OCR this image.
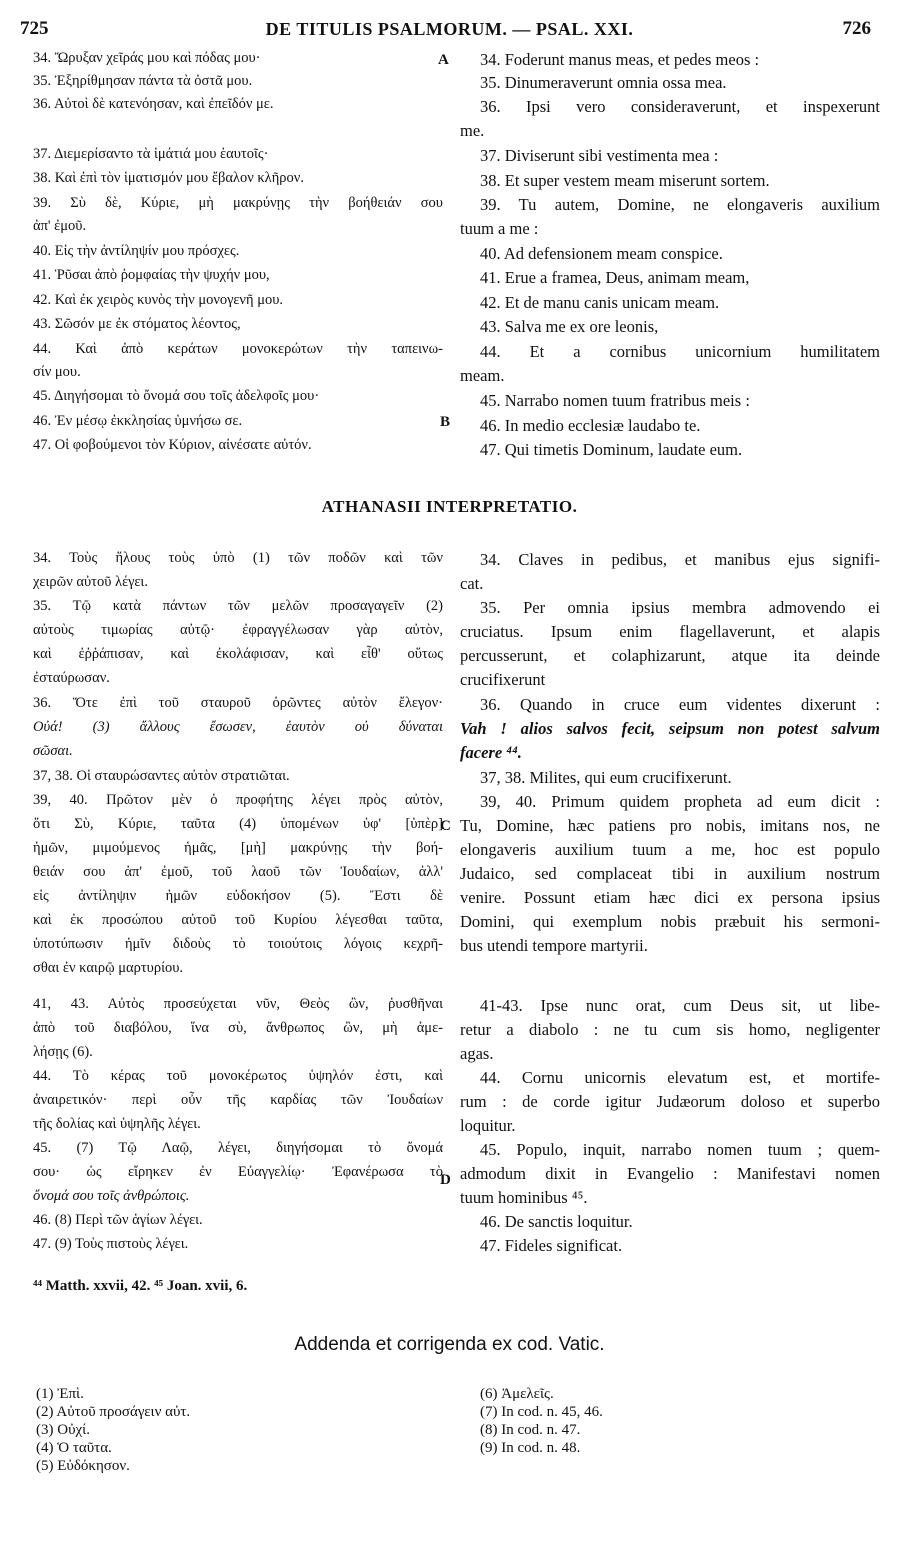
725	DE TITULIS PSALMORUM. — PSAL. XXI.	726
34. Ὤρυξαν χεῖράς μου καὶ πόδας μου·
35. Ἐξηρίθμησαν πάντα τὰ ὀστᾶ μου.
36. Αὐτοὶ δὲ κατενόησαν, καὶ ἐπεῖδόν με.
37. Διεμερίσαντο τὰ ἱμάτιά μου ἑαυτοῖς·
38. Καὶ ἐπὶ τὸν ἱματισμόν μου ἔβαλον κλῆρον.
39. Σὺ δὲ, Κύριε, μὴ μακρύνῃς τὴν βοήθειάν σου
ἀπ' ἐμοῦ.
40. Εἰς τὴν ἀντίληψίν μου πρόσχες.
41. Ῥῦσαι ἀπὸ ῥομφαίας τὴν ψυχήν μου,
42. Καὶ ἐκ χειρὸς κυνὸς τὴν μονογενῆ μου.
43. Σῶσόν με ἐκ στόματος λέοντος,
44. Καὶ ἀπὸ κεράτων μονοκερώτων τὴν ταπεινω-
σίν μου.
45. Διηγήσομαι τὸ ὄνομά σου τοῖς ἀδελφοῖς μου·
46. Ἐν μέσῳ ἐκκλησίας ὑμνήσω σε.
47. Οἱ φοβούμενοι τὸν Κύριον, αἰνέσατε αὐτόν.
A
B
C
D
34. Foderunt manus meas, et pedes meos :
35. Dinumeraverunt omnia ossa mea.
36. Ipsi vero consideraverunt, et inspexerunt
me.
37. Diviserunt sibi vestimenta mea :
38. Et super vestem meam miserunt sortem.
39. Tu autem, Domine, ne elongaveris auxilium
tuum a me :
40. Ad defensionem meam conspice.
41. Erue a framea, Deus, animam meam,
42. Et de manu canis unicam meam.
43. Salva me ex ore leonis,
44. Et a cornibus unicornium humilitatem
meam.
45. Narrabo nomen tuum fratribus meis :
46. In medio ecclesiæ laudabo te.
47. Qui timetis Dominum, laudate eum.
ATHANASII INTERPRETATIO.
34. Τοὺς ἥλους τοὺς ὑπὸ (1) τῶν ποδῶν καὶ τῶν
χειρῶν αὐτοῦ λέγει.
35. Τῷ κατὰ πάντων τῶν μελῶν προσαγαγεῖν (2)
αὐτοὺς τιμωρίας αὐτῷ· ἐφραγγέλωσαν γὰρ αὐτὸν,
καὶ ἐῤῥάπισαν, καὶ ἐκολάφισαν, καὶ εἶθ' οὕτως
ἐσταύρωσαν.
36. Ὅτε ἐπὶ τοῦ σταυροῦ ὁρῶντες αὐτὸν ἔλεγον·
Οὐά! (3) ἄλλους ἔσωσεν, ἑαυτὸν οὐ δύναται
σῶσαι.
37, 38. Οἱ σταυρώσαντες αὐτὸν στρατιῶται.
39, 40. Πρῶτον μὲν ὁ προφήτης λέγει πρὸς αὐτὸν,
ὅτι Σὺ, Κύριε, ταῦτα (4) ὑπομένων ὑφ' [ὑπὲρ]
ἡμῶν, μιμούμενος ἡμᾶς, [μὴ] μακρύνῃς τὴν βοή-
θειάν σου ἀπ' ἐμοῦ, τοῦ λαοῦ τῶν Ἰουδαίων, ἀλλ'
εἰς ἀντίληψιν ἡμῶν εὐδοκήσον (5). Ἔστι δὲ
καὶ ἐκ προσώπου αὐτοῦ τοῦ Κυρίου λέγεσθαι ταῦτα,
ὑποτύπωσιν ἡμῖν διδοὺς τὸ τοιούτοις λόγοις κεχρῆ-
σθαι ἐν καιρῷ μαρτυρίου.
41, 43. Αὐτὸς προσεύχεται νῦν, Θεὸς ὢν, ῥυσθῆναι
ἀπὸ τοῦ διαβόλου, ἵνα σὺ, ἄνθρωπος ὢν, μὴ ἀμε-
λήσῃς (6).
44. Τὸ κέρας τοῦ μονοκέρωτος ὑψηλόν ἐστι, καὶ
ἀναιρετικόν· περὶ οὖν τῆς καρδίας τῶν Ἰουδαίων
τῆς δολίας καὶ ὑψηλῆς λέγει.
45. (7) Τῷ Λαῷ, λέγει, διηγήσομαι τὸ ὄνομά
σου· ὡς εἴρηκεν ἐν Εὐαγγελίῳ· Ἐφανέρωσα τὸ
ὄνομά σου τοῖς ἀνθρώποις.
46. (8) Περὶ τῶν ἁγίων λέγει.
47. (9) Τοὺς πιστοὺς λέγει.
34. Claves in pedibus, et manibus ejus signifi-
cat.
35. Per omnia ipsius membra admovendo ei
cruciatus. Ipsum enim flagellaverunt, et alapis
percusserunt, et colaphizarunt, atque ita deinde
crucifixerunt
36. Quando in cruce eum videntes dixerunt :
Vah ! alios salvos fecit, seipsum non potest salvum
facere ⁴⁴.
37, 38. Milites, qui eum crucifixerunt.
39, 40. Primum quidem propheta ad eum dicit :
Tu, Domine, hæc patiens pro nobis, imitans nos, ne
elongaveris auxilium tuum a me, hoc est populo
Judaico, sed complaceat tibi in auxilium nostrum
venire. Possunt etiam hæc dici ex persona ipsius
Domini, qui exemplum nobis præbuit his sermoni-
bus utendi tempore martyrii.
41-43. Ipse nunc orat, cum Deus sit, ut libe-
retur a diabolo : ne tu cum sis homo, negligenter
agas.
44. Cornu unicornis elevatum est, et mortife-
rum : de corde igitur Judæorum doloso et superbo
loquitur.
45. Populo, inquit, narrabo nomen tuum ; quem-
admodum dixit in Evangelio : Manifestavi nomen
tuum hominibus ⁴⁵.
46. De sanctis loquitur.
47. Fideles significat.
⁴⁴ Matth. xxvii, 42. ⁴⁵ Joan. xvii, 6.
Addenda et corrigenda ex cod. Vatic.
(1) Ἐπὶ.
(2) Αὐτοῦ προσάγειν αὐτ.
(3) Οὐχί.
(4) Ὁ ταῦτα.
(5) Εὐδόκησον.
(6) Ἀμελεῖς.
(7) In cod. n. 45, 46.
(8) In cod. n. 47.
(9) In cod. n. 48.
